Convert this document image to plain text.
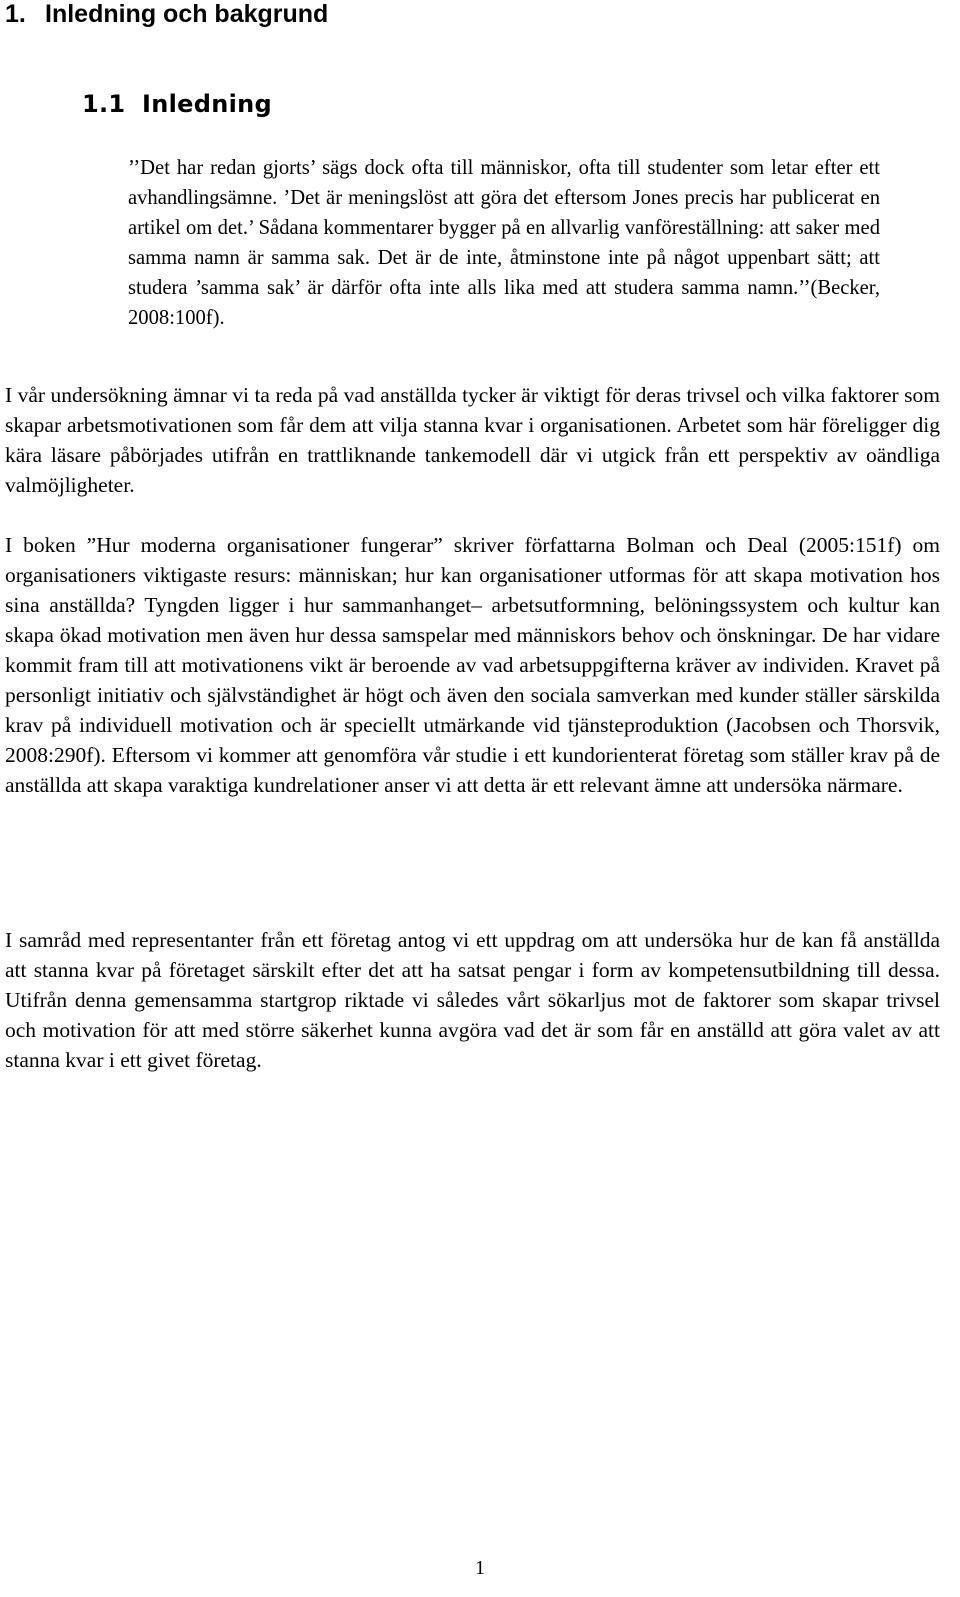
1. Inledning och bakgrund
1.1 Inledning

’’Det har redan gjorts’ sägs dock ofta till människor, ofta till studenter som letar efter ett avhandlingsämne. ’Det är meningslöst att göra det eftersom Jones precis har publicerat en artikel om det.’ Sådana kommentarer bygger på en allvarlig vanföreställning: att saker med samma namn är samma sak. Det är de inte, åtminstone inte på något uppenbart sätt; att studera ’samma sak’ är därför ofta inte alls lika med att studera samma namn.’’(Becker, 2008:100f).

I vår undersökning ämnar vi ta reda på vad anställda tycker är viktigt för deras trivsel och vilka faktorer som skapar arbetsmotivationen som får dem att vilja stanna kvar i organisationen. Arbetet som här föreligger dig kära läsare påbörjades utifrån en trattliknande tankemodell där vi utgick från ett perspektiv av oändliga valmöjligheter.

I boken ”Hur moderna organisationer fungerar” skriver författarna Bolman och Deal (2005:151f) om organisationers viktigaste resurs: människan; hur kan organisationer utformas för att skapa motivation hos sina anställda? Tyngden ligger i hur sammanhanget– arbetsutformning, belöningssystem och kultur kan skapa ökad motivation men även hur dessa samspelar med människors behov och önskningar. De har vidare kommit fram till att motivationens vikt är beroende av vad arbetsuppgifterna kräver av individen. Kravet på personligt initiativ och självständighet är högt och även den sociala samverkan med kunder ställer särskilda krav på individuell motivation och är speciellt utmärkande vid tjänsteproduktion (Jacobsen och Thorsvik, 2008:290f). Eftersom vi kommer att genomföra vår studie i ett kundorienterat företag som ställer krav på de anställda att skapa varaktiga kundrelationer anser vi att detta är ett relevant ämne att undersöka närmare.

I samråd med representanter från ett företag antog vi ett uppdrag om att undersöka hur de kan få anställda att stanna kvar på företaget särskilt efter det att ha satsat pengar i form av kompetensutbildning till dessa. Utifrån denna gemensamma startgrop riktade vi således vårt sökarljus mot de faktorer som skapar trivsel och motivation för att med större säkerhet kunna avgöra vad det är som får en anställd att göra valet av att stanna kvar i ett givet företag.

1
